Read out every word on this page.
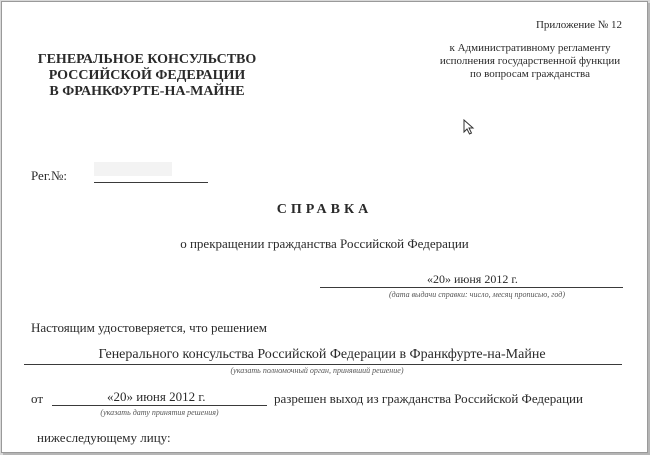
ГЕНЕРАЛЬНОЕ КОНСУЛЬСТВО
РОССИЙСКОЙ ФЕДЕРАЦИИ
В ФРАНКФУРТЕ-НА-МАЙНЕ
Приложение № 12
к Административному регламенту
исполнения государственной функции
по вопросам гражданства
Рег.№:
СПРАВКА
о прекращении гражданства Российской Федерации
«20» июня 2012 г.
(дата выдачи справки: число, месяц прописью, год)
Настоящим удостоверяется, что решением
Генерального консульства Российской Федерации в Франкфурте-на-Майне
(указать полномочный орган, принявший решение)
от	«20» июня 2012 г.
(указать дату принятия решения)
разрешен выход из гражданства Российской Федерации
нижеследующему лицу:
